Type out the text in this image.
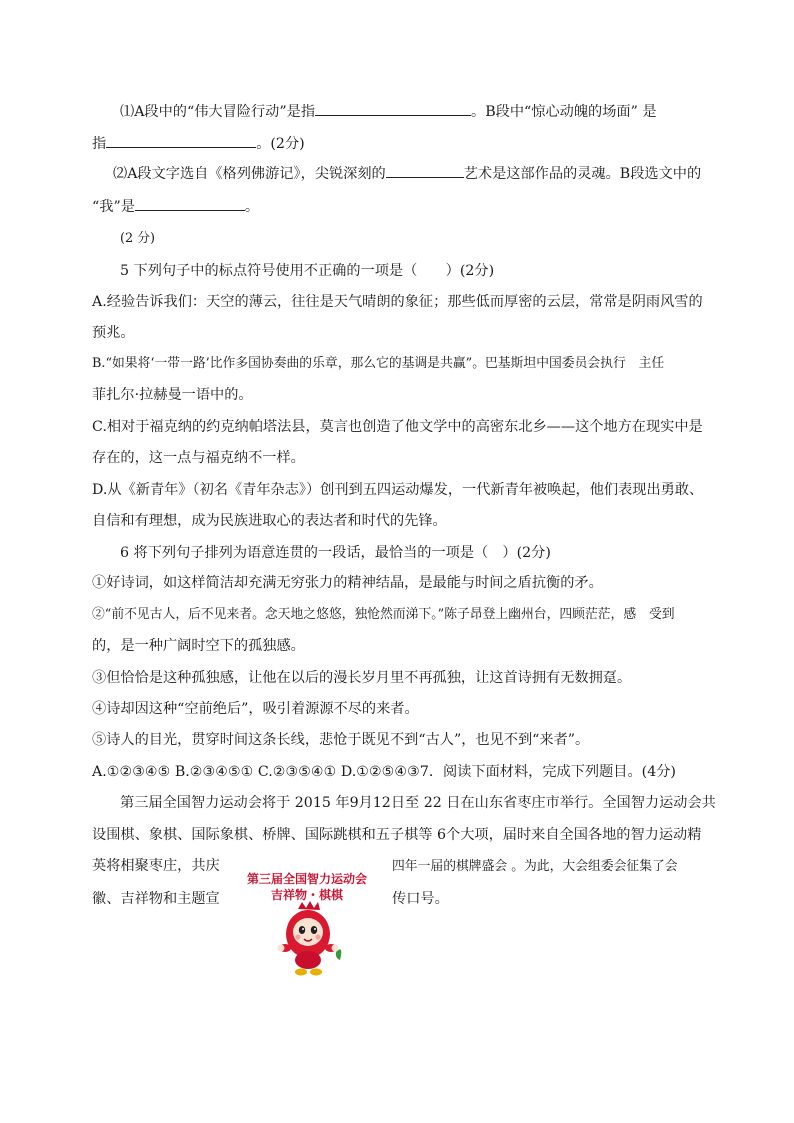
⑴A段中的“伟大冒险行动”是指	。B段中“惊心动魄的场面” 是
指	。(2分)
⑵A段文字选自《格列佛游记》，尖锐深刻的	艺术是这部作品的灵魂。B段选文中的
“我”是	。
(2 分)
5 下列句子中的标点符号使用不正确的一项是（　　）(2分)
A.经验告诉我们：天空的薄云，往往是天气晴朗的象征；那些低而厚密的云层，常常是阴雨风雪的
预兆。
B.“如果将‘一带一路’比作多国协奏曲的乐章，那么它的基调是共赢”。巴基斯坦中国委员会执行　主任
菲扎尔·拉赫曼一语中的。
C.相对于福克纳的约克纳帕塔法县，莫言也创造了他文学中的高密东北乡——这个地方在现实中是
存在的，这一点与福克纳不一样。
D.从《新青年》（初名《青年杂志》）创刊到五四运动爆发，一代新青年被唤起，他们表现出勇敢、
自信和有理想，成为民族进取心的表达者和时代的先锋。
6 将下列句子排列为语意连贯的一段话，最恰当的一项是（　）(2分)
①好诗词，如这样简洁却充满无穷张力的精神结晶，是最能与时间之盾抗衡的矛。
②“前不见古人，后不见来者。念天地之悠悠，独怆然而涕下。”陈子昂登上幽州台，四顾茫茫，感　受到
的，是一种广阔时空下的孤独感。
③但恰恰是这种孤独感，让他在以后的漫长岁月里不再孤独，让这首诗拥有无数拥趸。
④诗却因这种“空前绝后”，吸引着源源不尽的来者。
⑤诗人的目光，贯穿时间这条长线，悲怆于既见不到“古人”，也见不到“来者”。
A.①②③④⑤ B.②③④⑤① C.②③⑤④① D.①②⑤④③7．阅读下面材料，完成下列题目。(4分)
第三届全国智力运动会将于 2015 年9月12日至 22 日在山东省枣庄市举行。全国智力运动会共
设围棋、象棋、国际象棋、桥牌、国际跳棋和五子棋等 6个大项，届时来自全国各地的智力运动精
英将相聚枣庄，共庆	四年一届的棋牌盛会 。为此，大会组委会征集了会
徽、吉祥物和主题宣	传口号。
第三届全国智力运动会
吉祥物・棋棋
